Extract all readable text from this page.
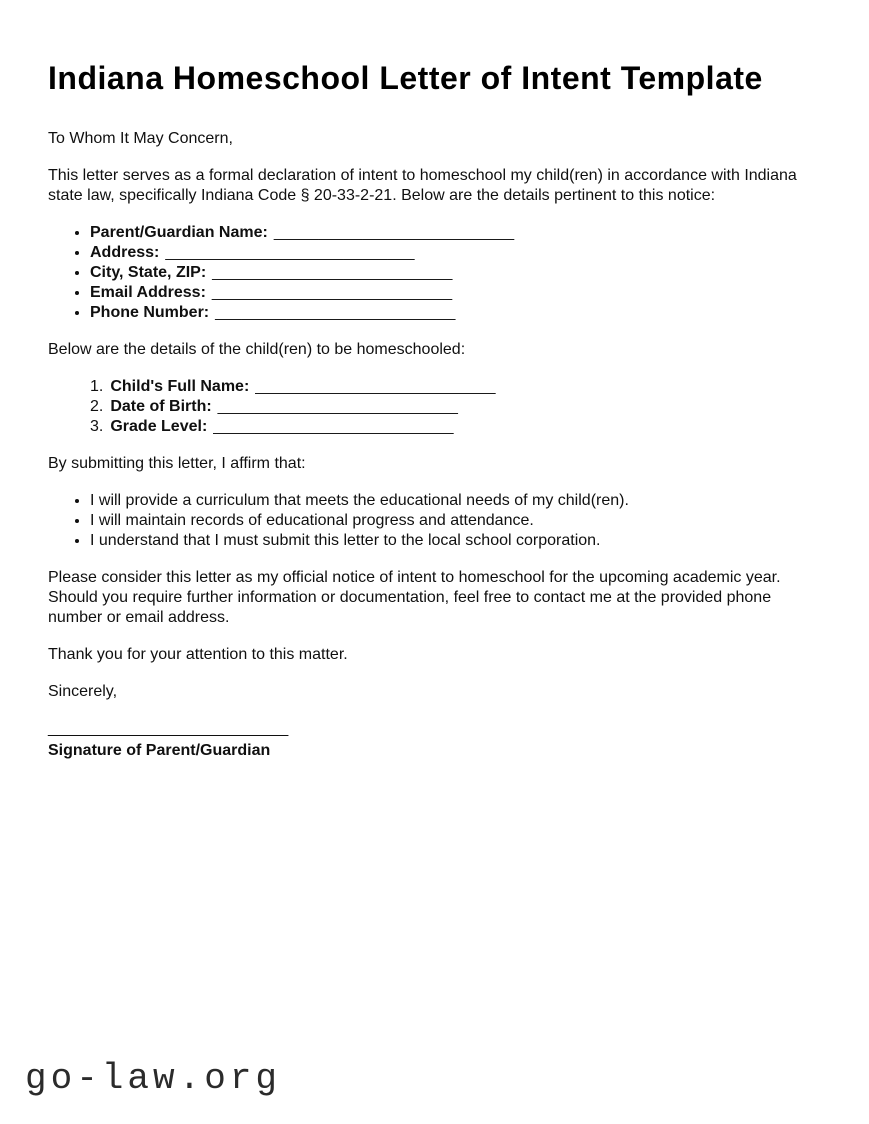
Indiana Homeschool Letter of Intent Template

To Whom It May Concern,

This letter serves as a formal declaration of intent to homeschool my child(ren) in accordance with Indiana state law, specifically Indiana Code § 20-33-2-21. Below are the details pertinent to this notice:

• Parent/Guardian Name: ___________________________
• Address: ____________________________
• City, State, ZIP: ___________________________
• Email Address: ___________________________
• Phone Number: ___________________________

Below are the details of the child(ren) to be homeschooled:

1. Child's Full Name: ___________________________
2. Date of Birth: ___________________________
3. Grade Level: ___________________________

By submitting this letter, I affirm that:

• I will provide a curriculum that meets the educational needs of my child(ren).
• I will maintain records of educational progress and attendance.
• I understand that I must submit this letter to the local school corporation.

Please consider this letter as my official notice of intent to homeschool for the upcoming academic year. Should you require further information or documentation, feel free to contact me at the provided phone number or email address.

Thank you for your attention to this matter.

Sincerely,

___________________________

Signature of Parent/Guardian

go-law.org
